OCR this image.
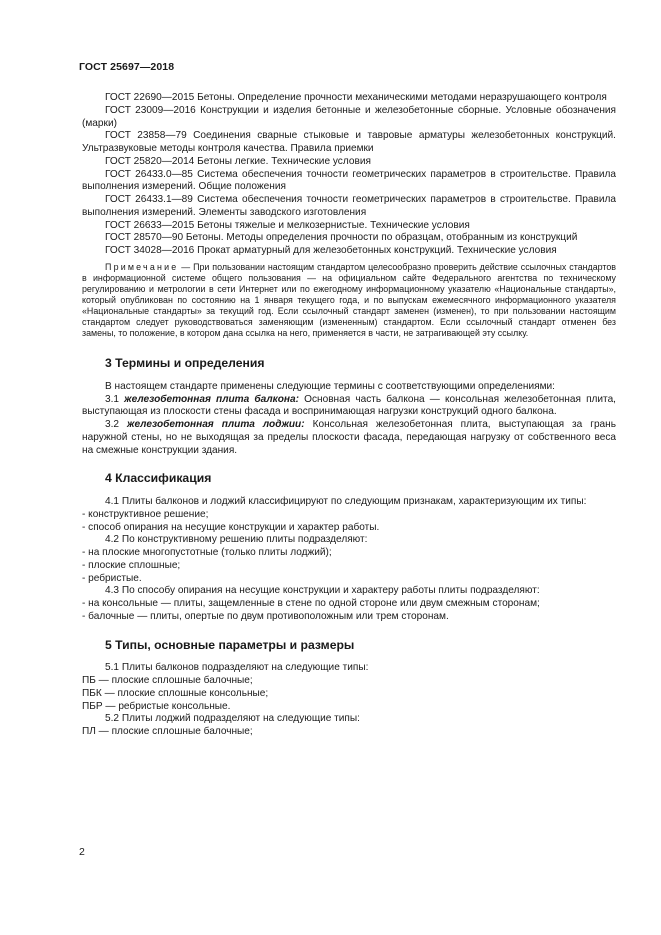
ГОСТ 25697—2018

ГОСТ 22690—2015 Бетоны. Определение прочности механическими методами неразрушающего контроля

ГОСТ 23009—2016 Конструкции и изделия бетонные и железобетонные сборные. Условные обозначения (марки)

ГОСТ 23858—79 Соединения сварные стыковые и тавровые арматуры железобетонных конструкций. Ультразвуковые методы контроля качества. Правила приемки

ГОСТ 25820—2014 Бетоны легкие. Технические условия

ГОСТ 26433.0—85 Система обеспечения точности геометрических параметров в строительстве. Правила выполнения измерений. Общие положения

ГОСТ 26433.1—89 Система обеспечения точности геометрических параметров в строительстве. Правила выполнения измерений. Элементы заводского изготовления

ГОСТ 26633—2015 Бетоны тяжелые и мелкозернистые. Технические условия

ГОСТ 28570—90 Бетоны. Методы определения прочности по образцам, отобранным из конструкций

ГОСТ 34028—2016 Прокат арматурный для железобетонных конструкций. Технические условия

Примечание — При пользовании настоящим стандартом целесообразно проверить действие ссылочных стандартов в информационной системе общего пользования — на официальном сайте Федерального агентства по техническому регулированию и метрологии в сети Интернет или по ежегодному информационному указателю «Национальные стандарты», который опубликован по состоянию на 1 января текущего года, и по выпускам ежемесячного информационного указателя «Национальные стандарты» за текущий год. Если ссылочный стандарт заменен (изменен), то при пользовании настоящим стандартом следует руководствоваться заменяющим (измененным) стандартом. Если ссылочный стандарт отменен без замены, то положение, в котором дана ссылка на него, применяется в части, не затрагивающей эту ссылку.
3 Термины и определения

В настоящем стандарте применены следующие термины с соответствующими определениями:

3.1 железобетонная плита балкона: Основная часть балкона — консольная железобетонная плита, выступающая из плоскости стены фасада и воспринимающая нагрузки конструкций одного балкона.

3.2 железобетонная плита лоджии: Консольная железобетонная плита, выступающая за грань наружной стены, но не выходящая за пределы плоскости фасада, передающая нагрузку от собственного веса на смежные конструкции здания.

4 Классификация

4.1 Плиты балконов и лоджий классифицируют по следующим признакам, характеризующим их типы:

- конструктивное решение;

- способ опирания на несущие конструкции и характер работы.

4.2 По конструктивному решению плиты подразделяют:

- на плоские многопустотные (только плиты лоджий);

- плоские сплошные;

- ребристые.

4.3 По способу опирания на несущие конструкции и характеру работы плиты подразделяют:

- на консольные — плиты, защемленные в стене по одной стороне или двум смежным сторонам;

- балочные — плиты, опертые по двум противоположным или трем сторонам.

5 Типы, основные параметры и размеры

5.1 Плиты балконов подразделяют на следующие типы:

ПБ — плоские сплошные балочные;

ПБК — плоские сплошные консольные;

ПБР — ребристые консольные.

5.2 Плиты лоджий подразделяют на следующие типы:

ПЛ — плоские сплошные балочные;

2
